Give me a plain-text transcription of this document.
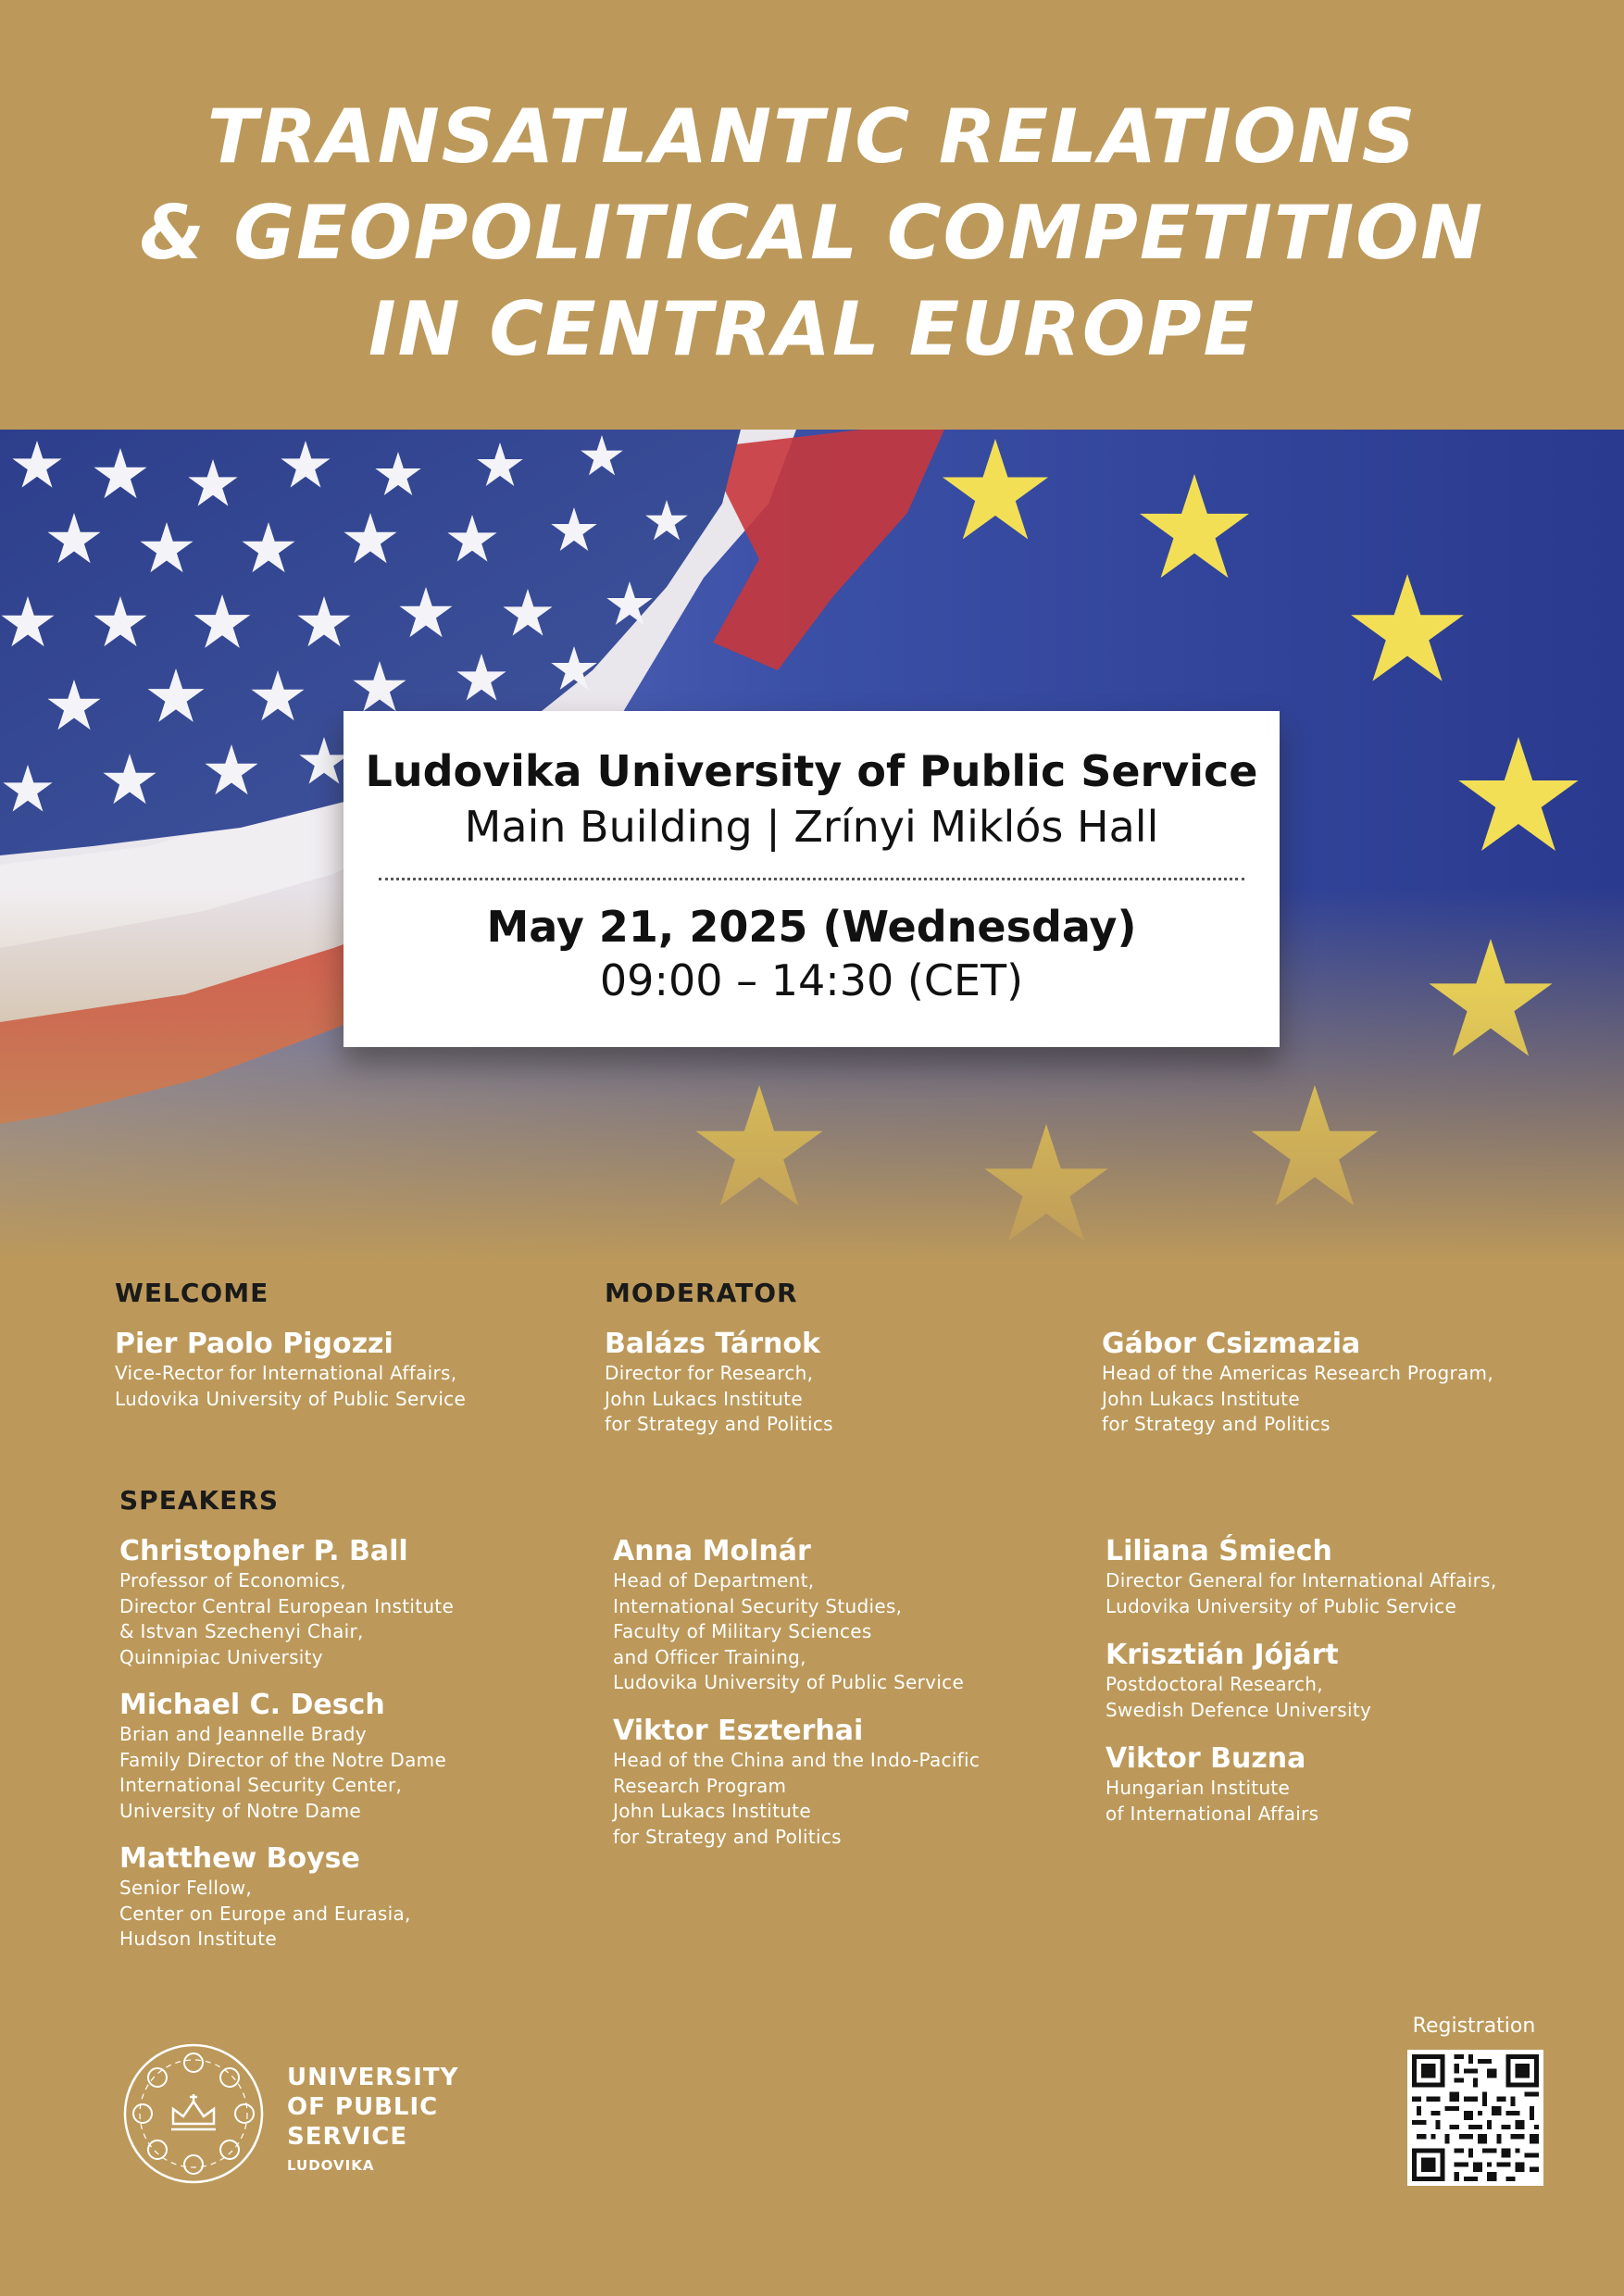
TRANSATLANTIC RELATIONS
& GEOPOLITICAL COMPETITION
IN CENTRAL EUROPE
Ludovika University of Public Service
Main Building | Zrínyi Miklós Hall
May 21, 2025 (Wednesday)
09:00 – 14:30 (CET)
WELCOME
Pier Paolo Pigozzi
Vice-Rector for International Affairs,
Ludovika University of Public Service
MODERATOR
Balázs Tárnok
Director for Research,
John Lukacs Institute
for Strategy and Politics
Gábor Csizmazia
Head of the Americas Research Program,
John Lukacs Institute
for Strategy and Politics
SPEAKERS
Christopher P. Ball
Professor of Economics,
Director Central European Institute
& Istvan Szechenyi Chair,
Quinnipiac University
Michael C. Desch
Brian and Jeannelle Brady
Family Director of the Notre Dame
International Security Center,
University of Notre Dame
Matthew Boyse
Senior Fellow,
Center on Europe and Eurasia,
Hudson Institute
Anna Molnár
Head of Department,
International Security Studies,
Faculty of Military Sciences
and Officer Training,
Ludovika University of Public Service
Viktor Eszterhai
Head of the China and the Indo-Pacific
Research Program
John Lukacs Institute
for Strategy and Politics
Liliana Śmiech
Director General for International Affairs,
Ludovika University of Public Service
Krisztián Jójárt
Postdoctoral Research,
Swedish Defence University
Viktor Buzna
Hungarian Institute
of International Affairs
UNIVERSITY
OF PUBLIC
SERVICE
LUDOVIKA
Registration
